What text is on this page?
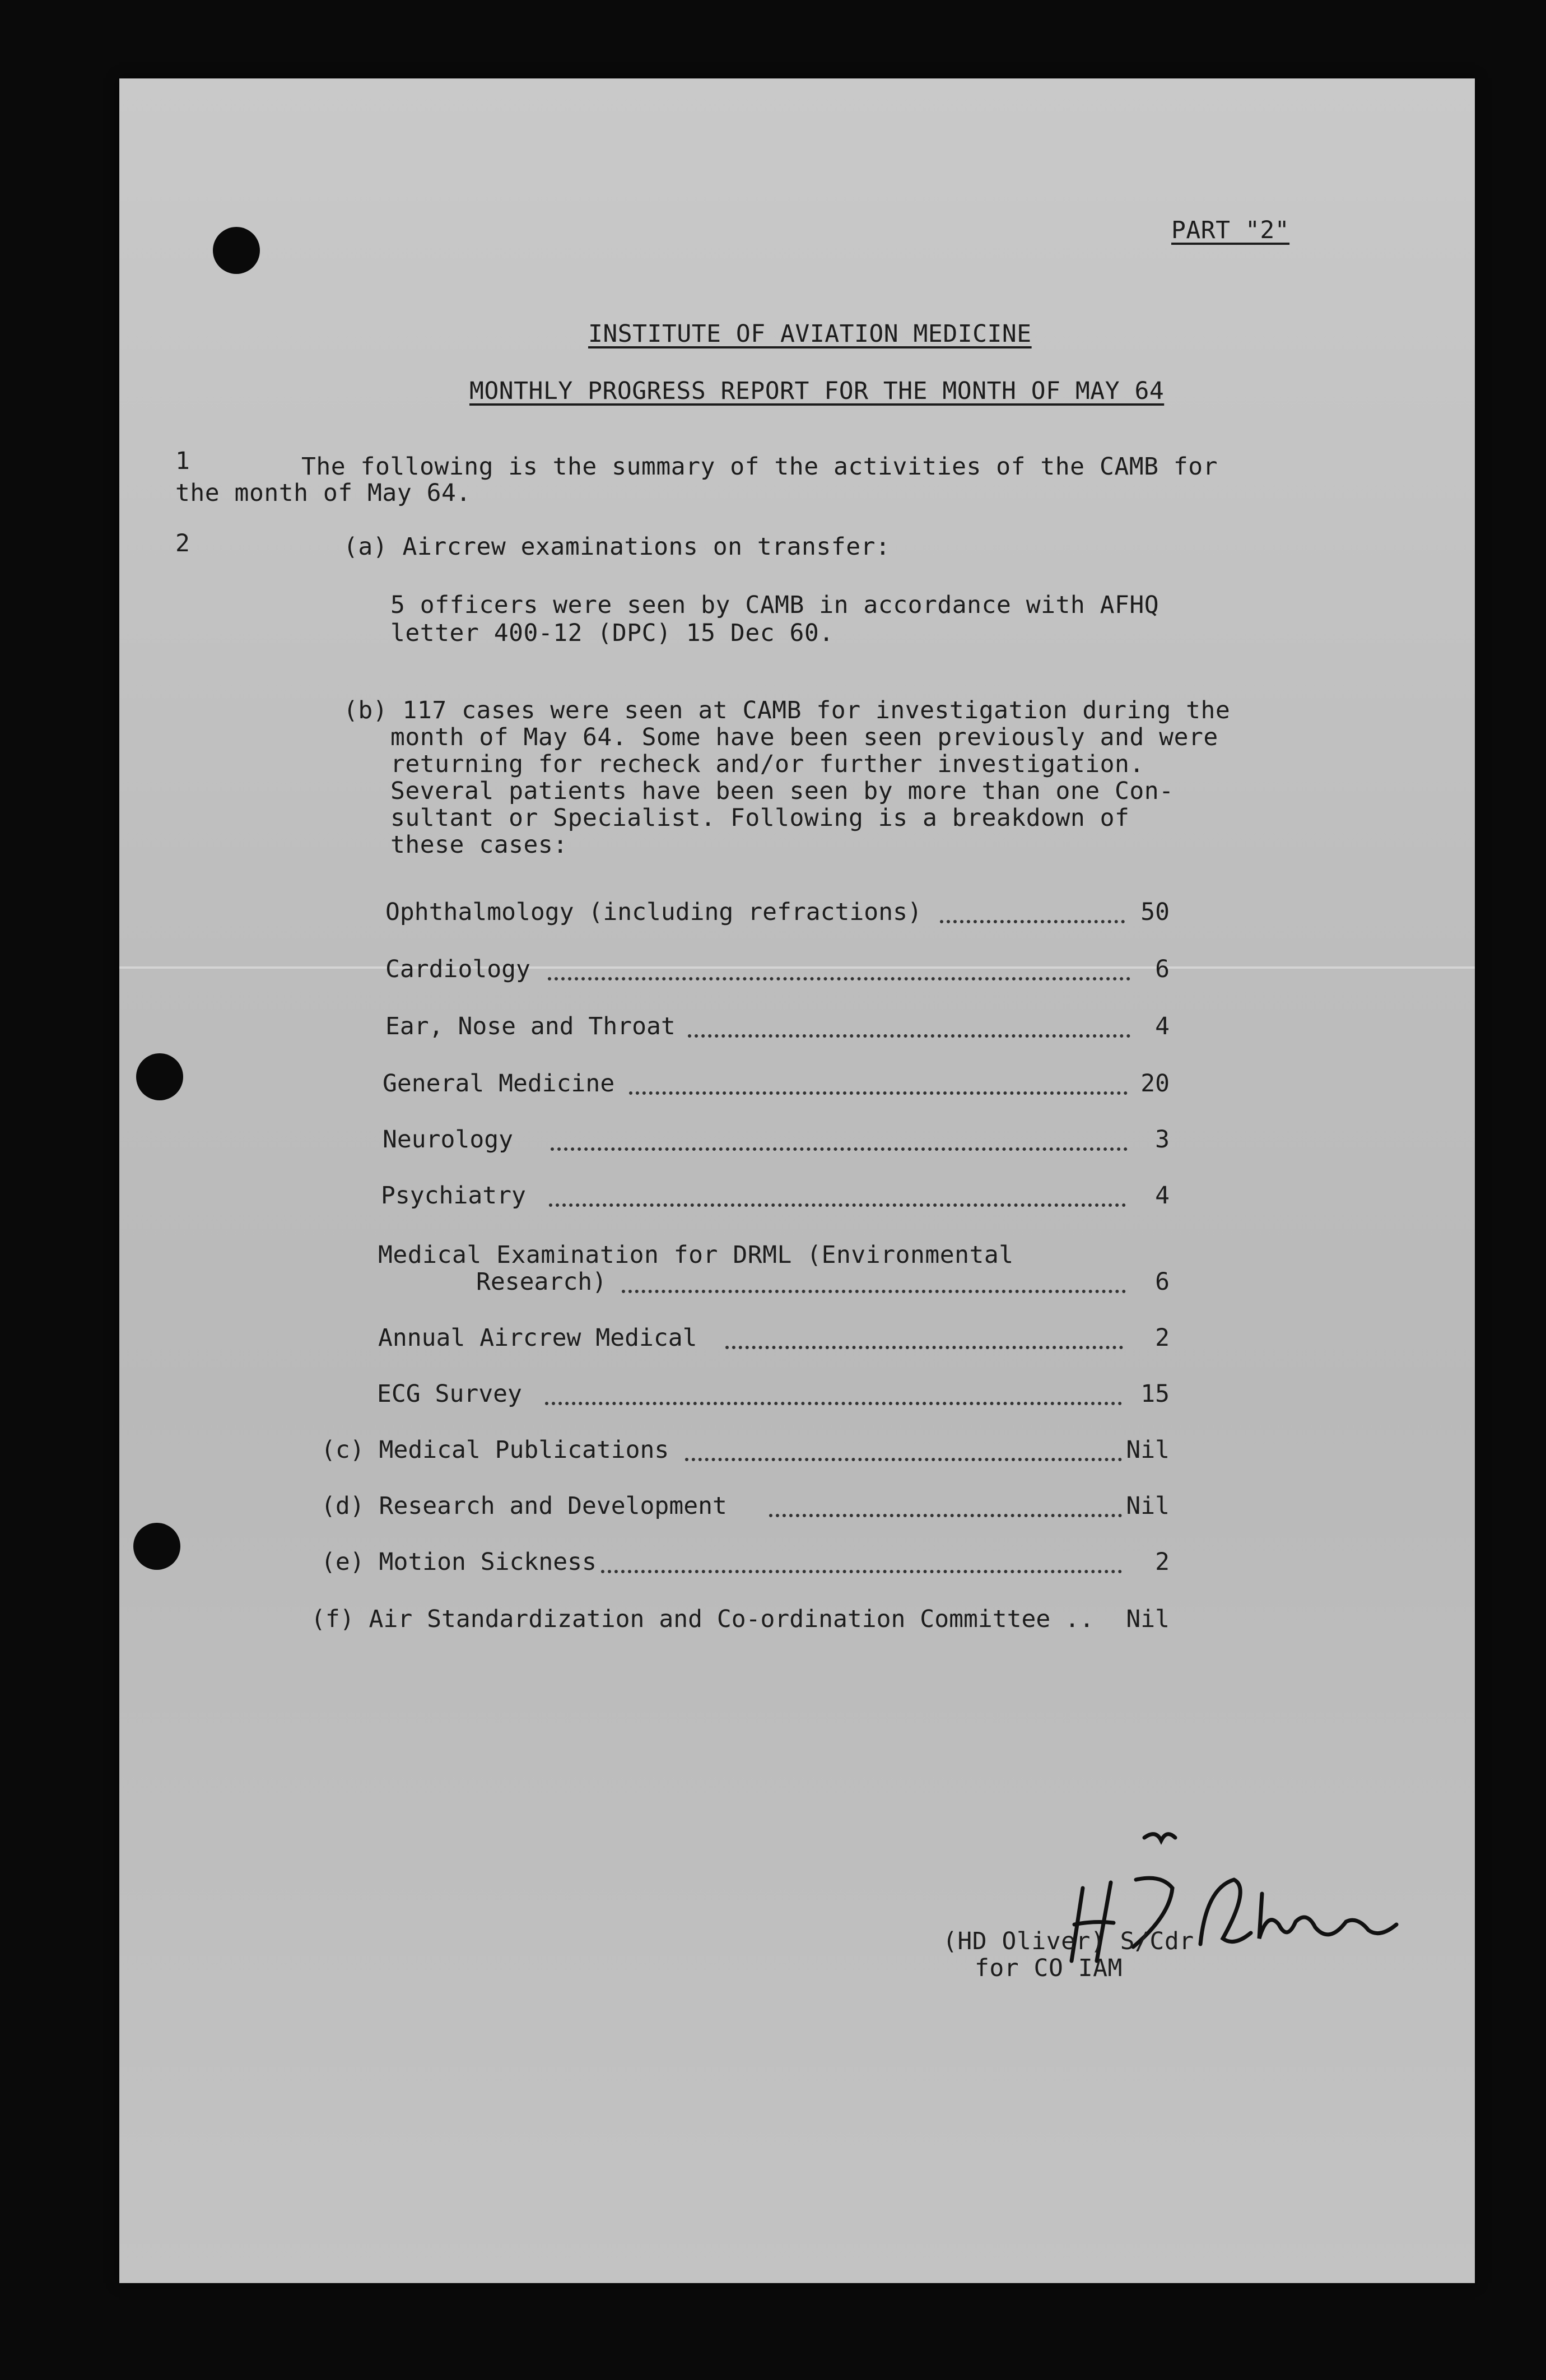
PART "2"
INSTITUTE OF AVIATION MEDICINE
MONTHLY PROGRESS REPORT FOR THE MONTH OF MAY 64
1	The following is the summary of the activities of the CAMB for
the month of May 64.
2	(a) Aircrew examinations on transfer:
5 officers were seen by CAMB in accordance with AFHQ
letter 400-12 (DPC) 15 Dec 60.
(b) 117 cases were seen at CAMB for investigation during the
month of May 64. Some have been seen previously and were
returning for recheck and/or further investigation.
Several patients have been seen by more than one Con-
sultant or Specialist. Following is a breakdown of
these cases:
Ophthalmology (including refractions)	50
Cardiology	6
Ear, Nose and Throat	4
General Medicine	20
Neurology	3
Psychiatry	4
Medical Examination for DRML (Environmental
Research)	6
Annual Aircrew Medical	2
ECG Survey	15
(c) Medical Publications	Nil
(d) Research and Development	Nil
(e) Motion Sickness	2
(f) Air Standardization and Co-ordination Committee .. Nil
(HD Oliver) S/Cdr
for CO IAM
